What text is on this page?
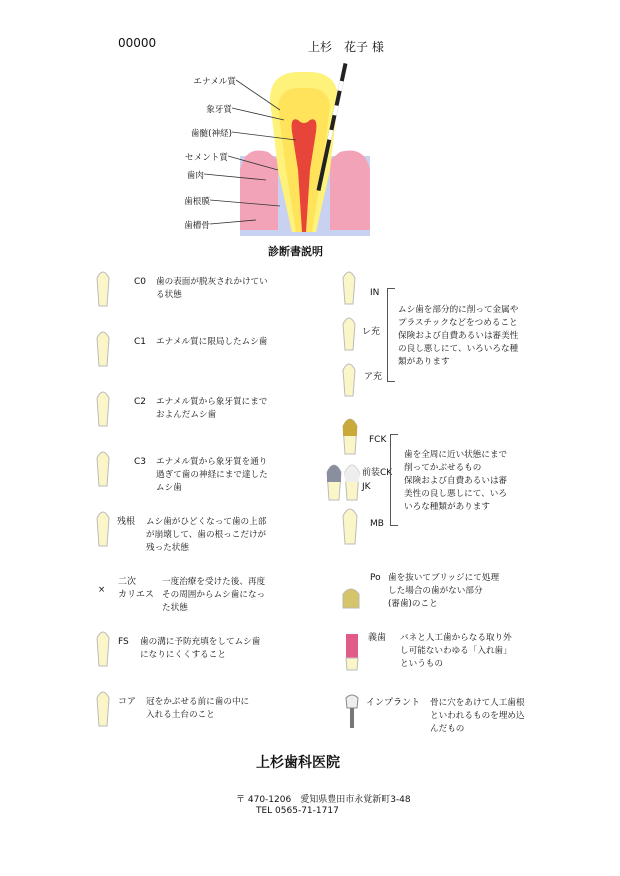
00000	上杉　花子 様
エナメル質
象牙質
歯髄(神経)
セメント質
歯肉
歯根膜
歯槽骨
診断書説明
C0 歯の表面が脱灰されかけてい
る状態
C1 エナメル質に限局したムシ歯
C2 エナメル質から象牙質にまで
およんだムシ歯
C3 エナメル質から象牙質を通り
過ぎて歯の神経にまで達した
ムシ歯
残根 ムシ歯がひどくなって歯の上部
が崩壊して、歯の根っこだけが
残った状態
×
二次
カリエス
一度治療を受けた後、再度
その周囲からムシ歯になっ
た状態
FS 歯の溝に予防充填をしてムシ歯
になりにくくすること
コア 冠をかぶせる前に歯の中に
入れる土台のこと
IN
レ充
ア充
ムシ歯を部分的に削って金属や
プラスチックなどをつめること
保険および自費あるいは審美性
の良し悪しにて、いろいろな種
類があります
FCK
前装CK
JK
MB
歯を全周に近い状態にまで
削ってかぶせるもの
保険および自費あるいは審
美性の良し悪しにて、いろ
いろな種類があります
Po 歯を抜いてブリッジにて処理
した場合の歯がない部分
(審歯)のこと
義歯 バネと人工歯からなる取り外
し可能ないわゆる「入れ歯」
というもの
インプラント 骨に穴をあけて人工歯根
といわれるものを埋め込
んだもの
上杉歯科医院
〒 470-1206　愛知県豊田市永覚新町3-48
TEL 0565-71-1717
